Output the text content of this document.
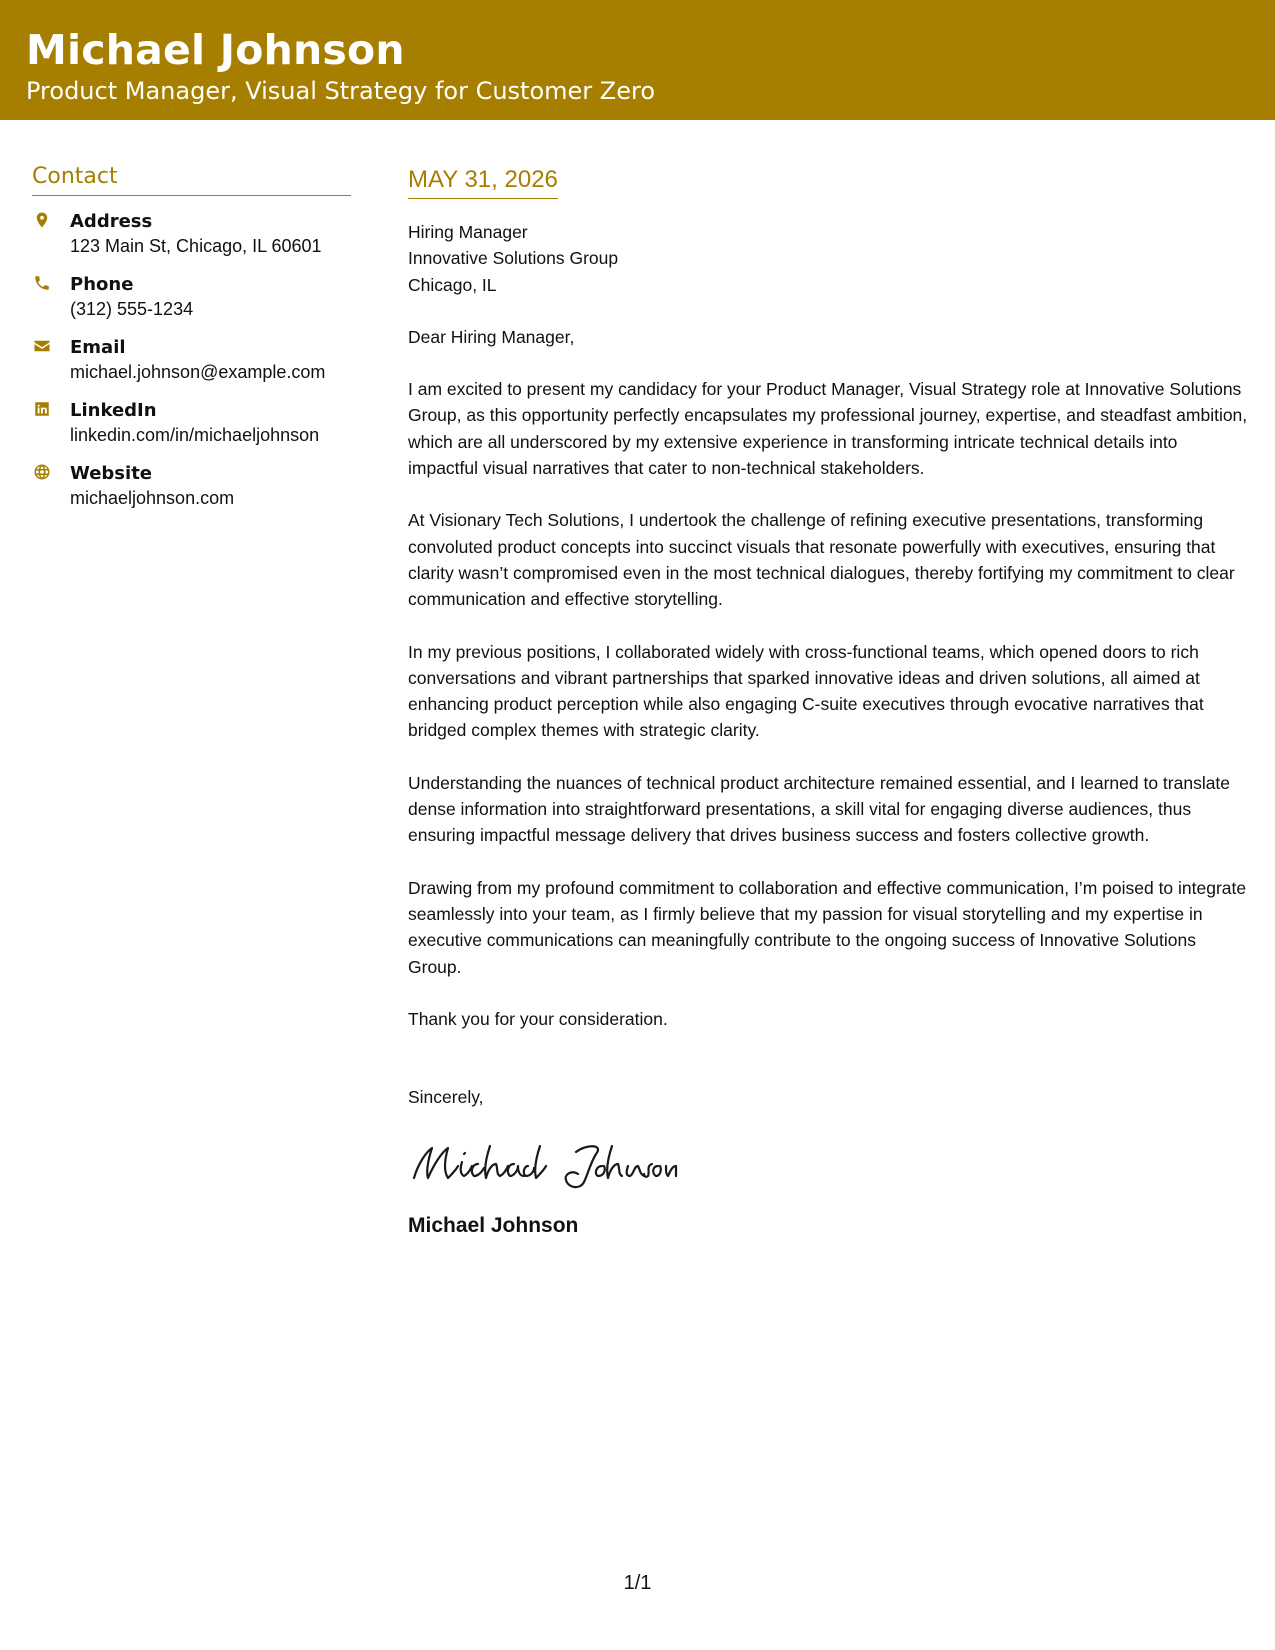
Michael Johnson

Product Manager, Visual Strategy for Customer Zero

Contact
Address
123 Main St, Chicago, IL 60601
Phone
(312) 555-1234
Email
michael.johnson@example.com
LinkedIn
linkedin.com/in/michaeljohnson
Website
michaeljohnson.com
MAY 31, 2026

Hiring Manager

Innovative Solutions Group

Chicago, IL

Dear Hiring Manager,

I am excited to present my candidacy for your Product Manager, Visual Strategy role at Innovative Solutions Group, as this opportunity perfectly encapsulates my professional journey, expertise, and steadfast ambition, which are all underscored by my extensive experience in transforming intricate technical details into impactful visual narratives that cater to non-technical stakeholders.

At Visionary Tech Solutions, I undertook the challenge of refining executive presentations, transforming convoluted product concepts into succinct visuals that resonate powerfully with executives, ensuring that clarity wasn’t compromised even in the most technical dialogues, thereby fortifying my commitment to clear communication and effective storytelling.

In my previous positions, I collaborated widely with cross-functional teams, which opened doors to rich conversations and vibrant partnerships that sparked innovative ideas and driven solutions, all aimed at enhancing product perception while also engaging C-suite executives through evocative narratives that bridged complex themes with strategic clarity.

Understanding the nuances of technical product architecture remained essential, and I learned to translate dense information into straightforward presentations, a skill vital for engaging diverse audiences, thus ensuring impactful message delivery that drives business success and fosters collective growth.

Drawing from my profound commitment to collaboration and effective communication, I’m poised to integrate seamlessly into your team, as I firmly believe that my passion for visual storytelling and my expertise in executive communications can meaningfully contribute to the ongoing success of Innovative Solutions Group.

Thank you for your consideration.

Sincerely,

Michael Johnson
1/1
